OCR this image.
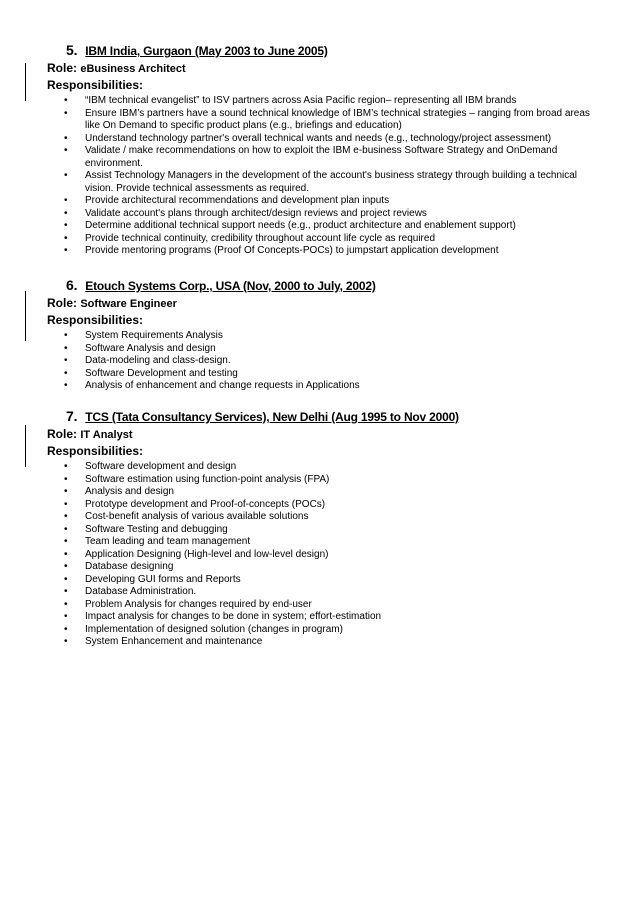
5. IBM India, Gurgaon (May 2003 to June 2005)
Role: eBusiness Architect
Responsibilities:
• “IBM technical evangelist” to ISV partners across Asia Pacific region– representing all IBM brands
• Ensure IBM’s partners have a sound technical knowledge of IBM’s technical strategies – ranging from broad areas like On Demand to specific product plans (e.g., briefings and education)
• Understand technology partner's overall technical wants and needs (e.g., technology/project assessment)
• Validate / make recommendations on how to exploit the IBM e-business Software Strategy and OnDemand environment.
• Assist Technology Managers in the development of the account's business strategy through building a technical vision. Provide technical assessments as required.
• Provide architectural recommendations and development plan inputs
• Validate account's plans through architect/design reviews and project reviews
• Determine additional technical support needs (e.g., product architecture and enablement support)
• Provide technical continuity, credibility throughout account life cycle as required
• Provide mentoring programs (Proof Of Concepts-POCs) to jumpstart application development
6. Etouch Systems Corp., USA (Nov, 2000 to July, 2002)
Role: Software Engineer
Responsibilities:
• System Requirements Analysis
• Software Analysis and design
• Data-modeling and class-design.
• Software Development and testing
• Analysis of enhancement and change requests in Applications
7. TCS (Tata Consultancy Services), New Delhi (Aug 1995 to Nov 2000)
Role: IT Analyst
Responsibilities:
• Software development and design
• Software estimation using function-point analysis (FPA)
• Analysis and design
• Prototype development and Proof-of-concepts (POCs)
• Cost-benefit analysis of various available solutions
• Software Testing and debugging
• Team leading and team management
• Application Designing (High-level and low-level design)
• Database designing
• Developing GUI forms and Reports
• Database Administration.
• Problem Analysis for changes required by end-user
• Impact analysis for changes to be done in system; effort-estimation
• Implementation of designed solution (changes in program)
• System Enhancement and maintenance
